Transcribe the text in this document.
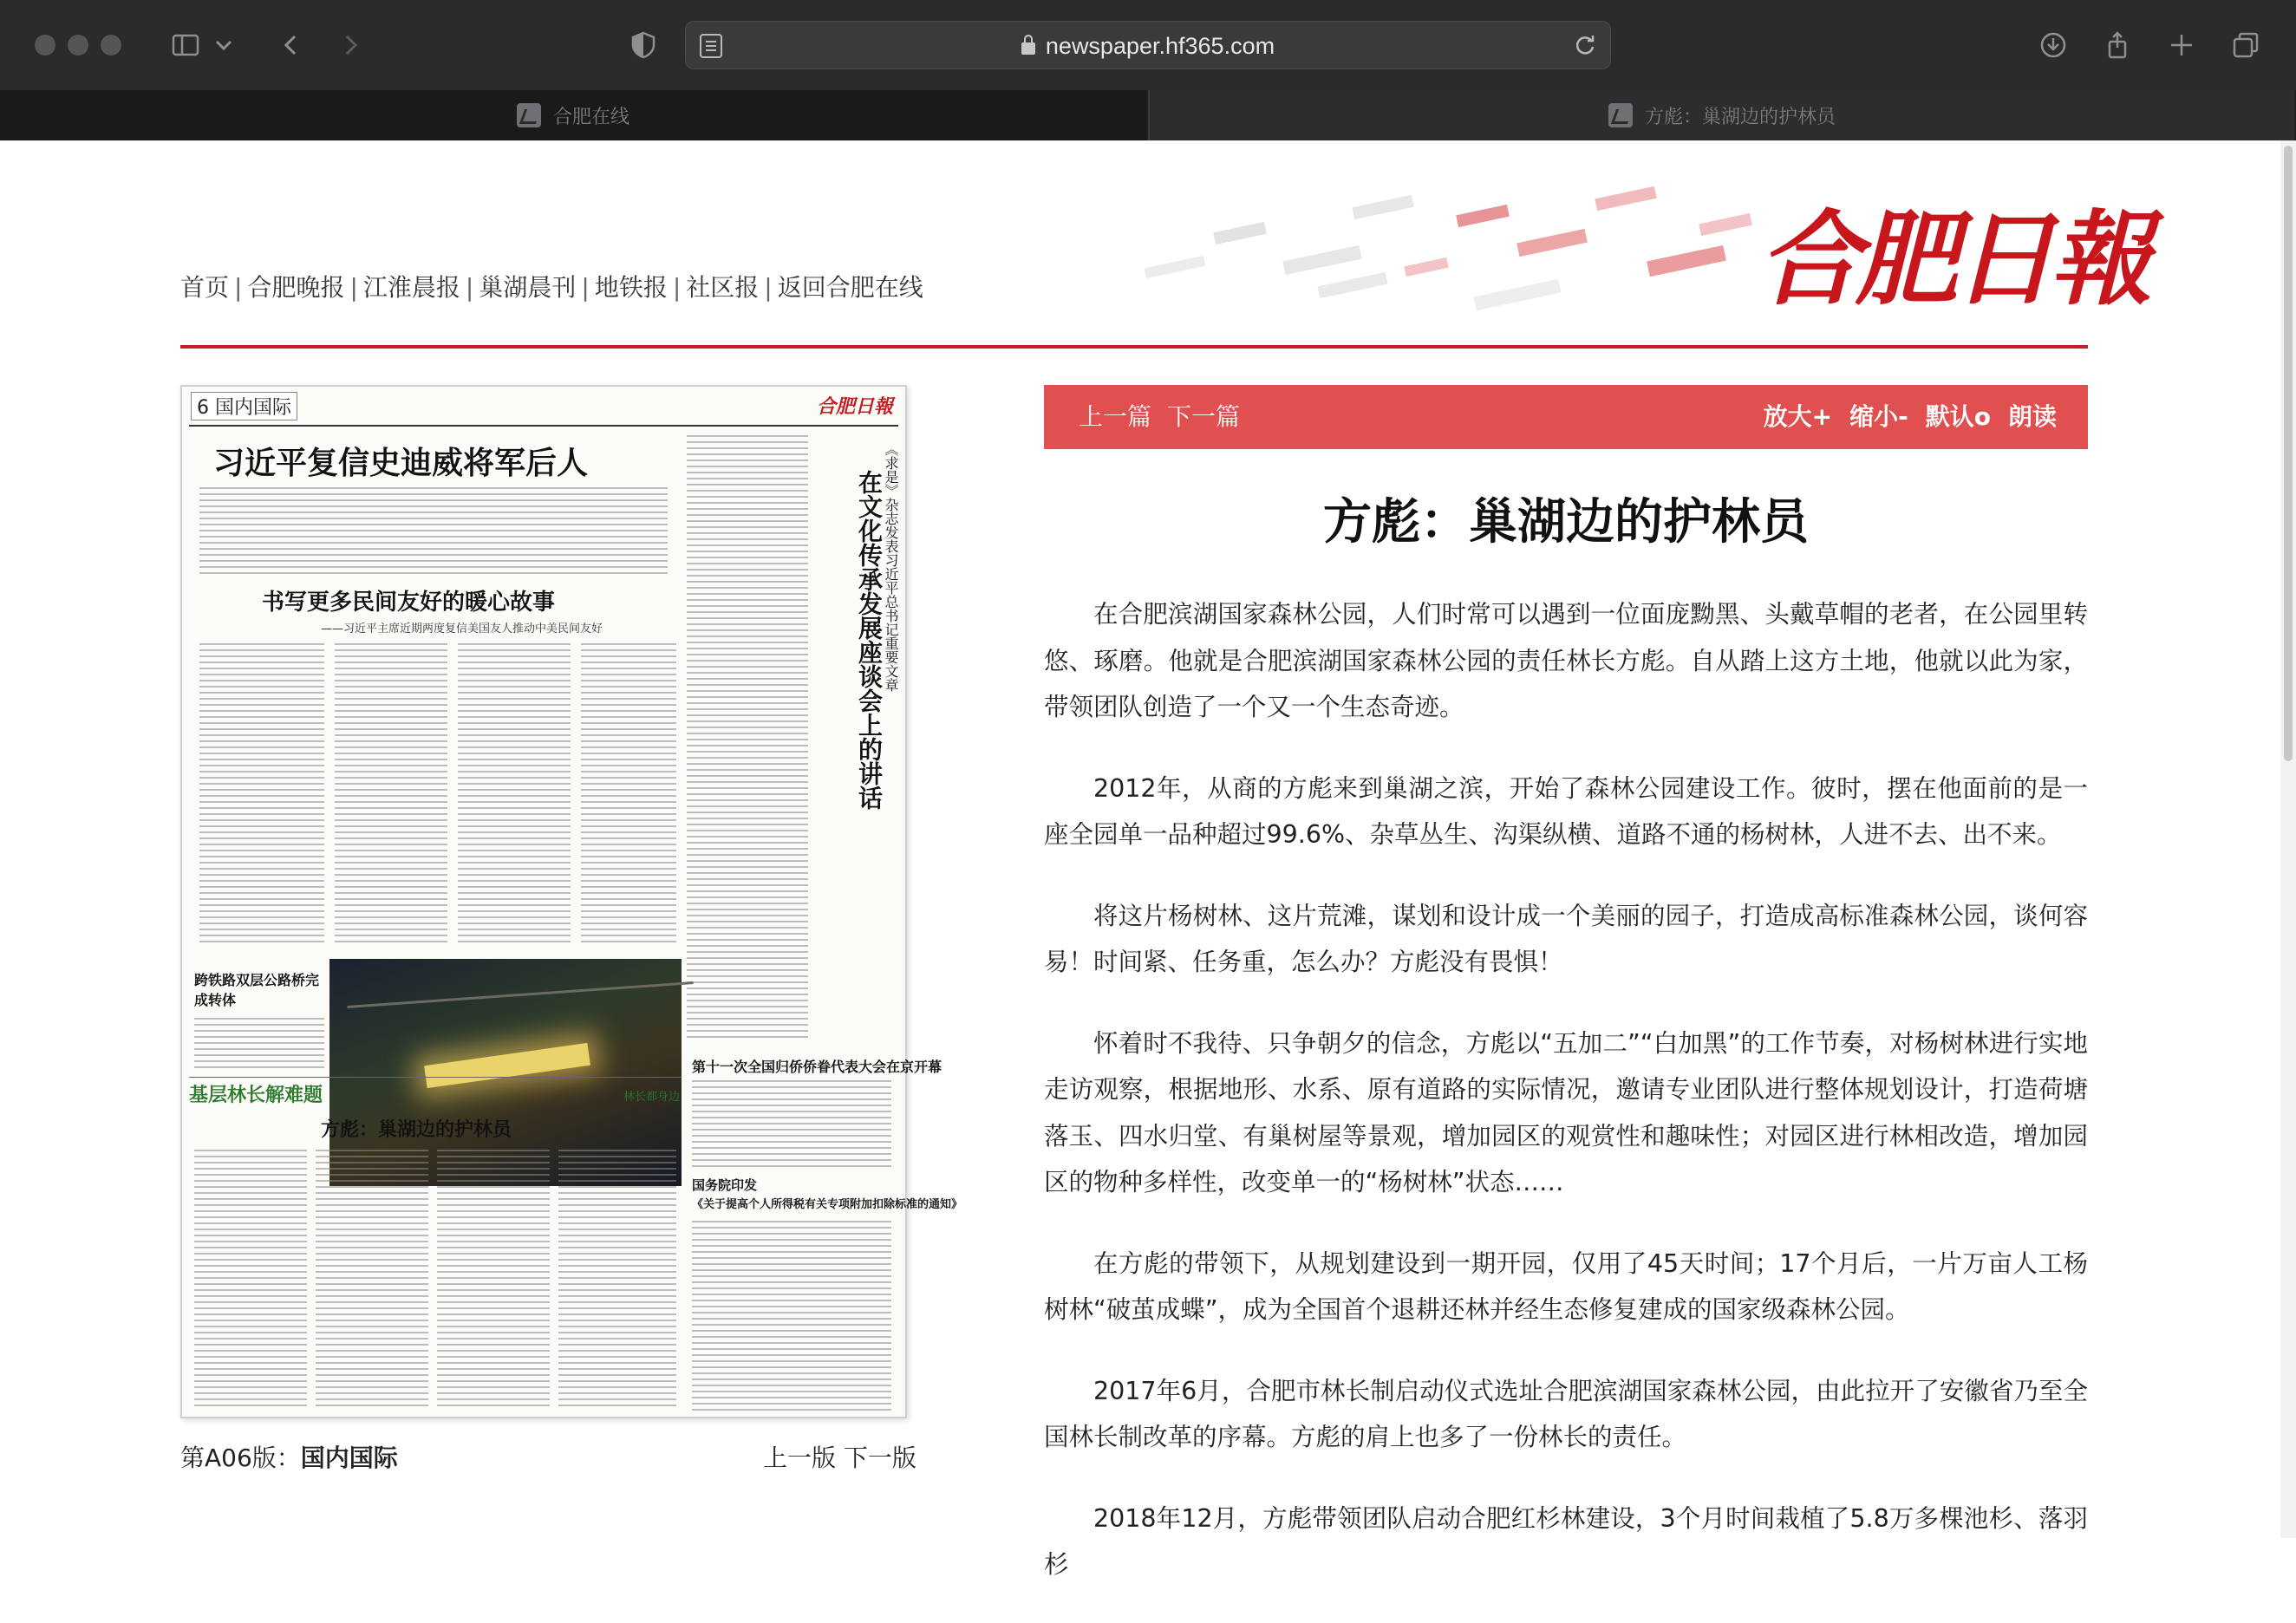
newspaper.hf365.com
合肥在线	方彪：巢湖边的护林员
合肥日報
首页 | 合肥晚报 | 江淮晨报 | 巢湖晨刊 | 地铁报 | 社区报 | 返回合肥在线
6 国内国际	合肥日報
习近平复信史迪威将军后人
书写更多民间友好的暖心故事
——习近平主席近期两度复信美国友人推动中美民间友好	在文化传承发展座谈会上的讲话 《求是》杂志发表习近平总书记重要文章
跨铁路双层公路桥完成转体
第十一次全国归侨侨眷代表大会在京开幕
国务院印发
《关于提高个人所得税有关专项附加扣除标准的通知》
基层林长解难题	林长都身边
方彪：巢湖边的护林员
第A06版：国内国际	上一版 下一版
上一篇 下一篇	放大+ 缩小- 默认o 朗读
方彪：巢湖边的护林员

在合肥滨湖国家森林公园，人们时常可以遇到一位面庞黝黑、头戴草帽的老者，在公园里转悠、琢磨。他就是合肥滨湖国家森林公园的责任林长方彪。自从踏上这方土地，他就以此为家，带领团队创造了一个又一个生态奇迹。

2012年，从商的方彪来到巢湖之滨，开始了森林公园建设工作。彼时，摆在他面前的是一座全园单一品种超过99.6%、杂草丛生、沟渠纵横、道路不通的杨树林，人进不去、出不来。

将这片杨树林、这片荒滩，谋划和设计成一个美丽的园子，打造成高标准森林公园，谈何容易！时间紧、任务重，怎么办？方彪没有畏惧！

怀着时不我待、只争朝夕的信念，方彪以“五加二”“白加黑”的工作节奏，对杨树林进行实地走访观察，根据地形、水系、原有道路的实际情况，邀请专业团队进行整体规划设计，打造荷塘落玉、四水归堂、有巢树屋等景观，增加园区的观赏性和趣味性；对园区进行林相改造，增加园区的物种多样性，改变单一的“杨树林”状态……

在方彪的带领下，从规划建设到一期开园，仅用了45天时间；17个月后，一片万亩人工杨树林“破茧成蝶”，成为全国首个退耕还林并经生态修复建成的国家级森林公园。

2017年6月，合肥市林长制启动仪式选址合肥滨湖国家森林公园，由此拉开了安徽省乃至全国林长制改革的序幕。方彪的肩上也多了一份林长的责任。

2018年12月，方彪带领团队启动合肥红杉林建设，3个月时间栽植了5.8万多棵池杉、落羽杉
